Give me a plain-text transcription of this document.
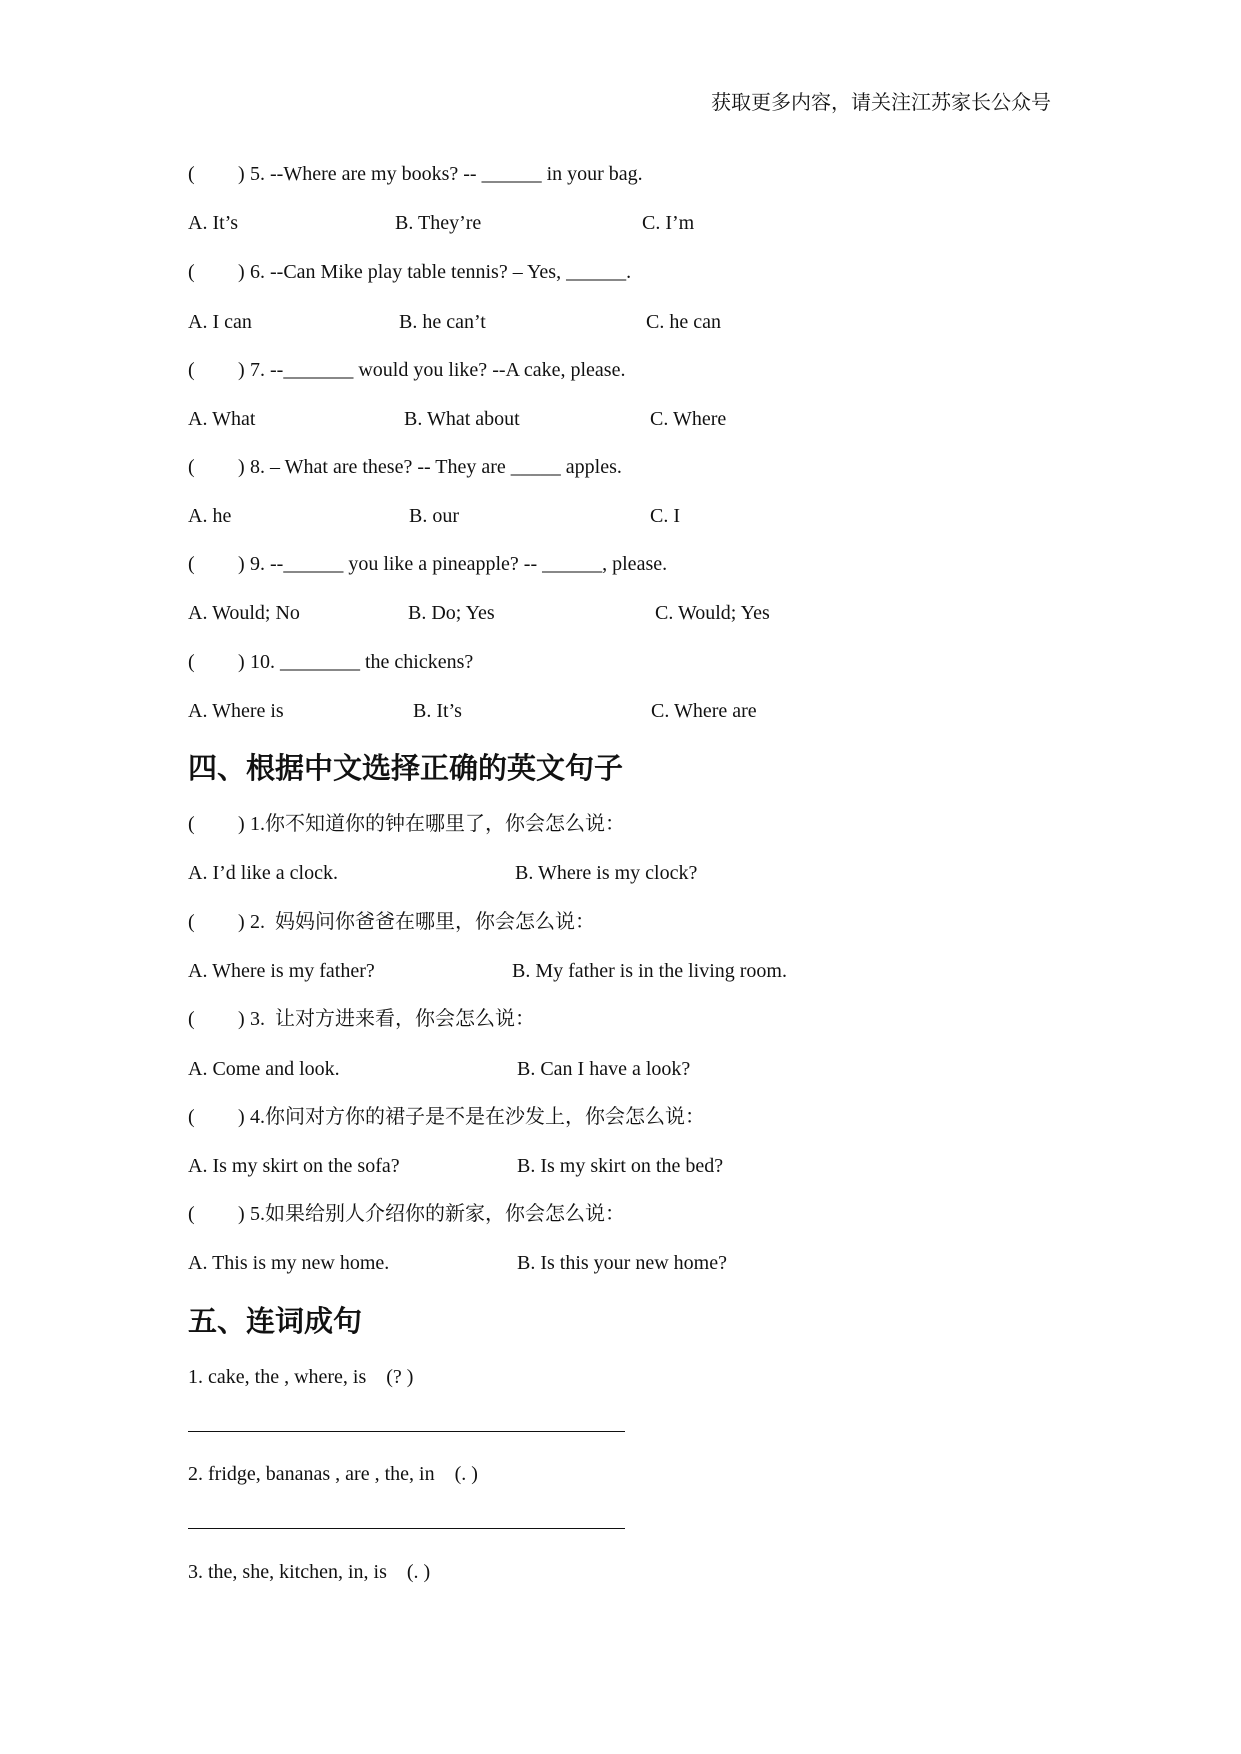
获取更多内容，请关注江苏家长公众号
( ) 5. --Where are my books? -- ______ in your bag.
A. It’s	B. They’re	C. I’m
( ) 6. --Can Mike play table tennis? – Yes, ______.
A. I can	B. he can’t	C. he can
( ) 7. --_______ would you like? --A cake, please.
A. What	B. What about	C. Where
( ) 8. – What are these? -- They are _____ apples.
A. he	B. our	C. I
( ) 9. --______ you like a pineapple? -- ______, please.
A. Would; No	B. Do; Yes	C. Would; Yes
( ) 10. ________ the chickens?
A. Where is	B. It’s	C. Where are
四、根据中文选择正确的英文句子
( ) 1.你不知道你的钟在哪里了，你会怎么说：
A. I’d like a clock.	B. Where is my clock?
( ) 2.  妈妈问你爸爸在哪里，你会怎么说：
A. Where is my father?	B. My father is in the living room.
( ) 3.  让对方进来看，你会怎么说：
A. Come and look.	B. Can I have a look?
( ) 4.你问对方你的裙子是不是在沙发上，你会怎么说：
A. Is my skirt on the sofa?	B. Is my skirt on the bed?
( ) 5.如果给别人介绍你的新家，你会怎么说：
A. This is my new home.	B. Is this your new home?
五、连词成句
1. cake, the , where, is    (? )
2. fridge, bananas , are , the, in    (. )
3. the, she, kitchen, in, is    (. )
